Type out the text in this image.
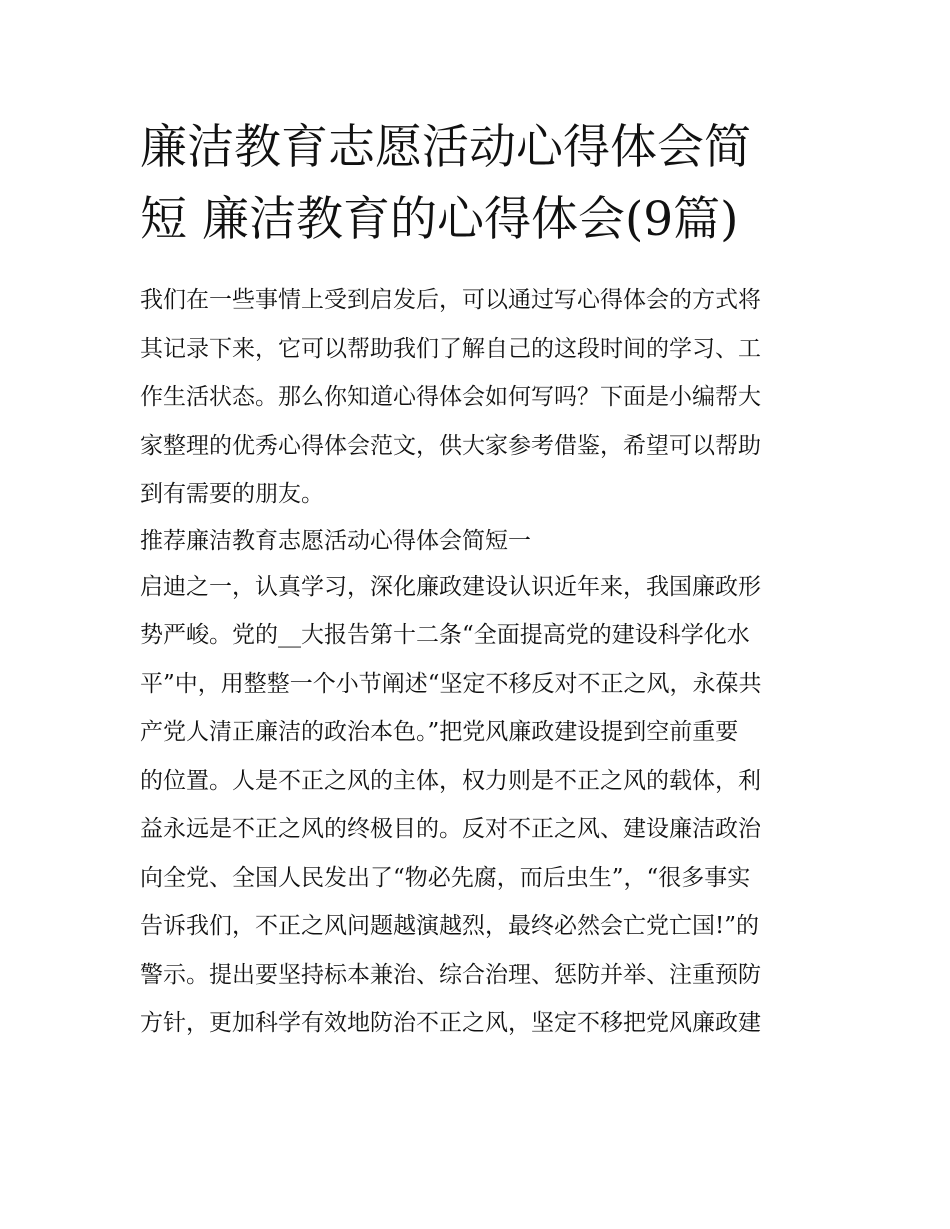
廉洁教育志愿活动心得体会简
短 廉洁教育的心得体会(9篇)

我们在一些事情上受到启发后，可以通过写心得体会的方式将
其记录下来，它可以帮助我们了解自己的这段时间的学习、工
作生活状态。那么你知道心得体会如何写吗？下面是小编帮大
家整理的优秀心得体会范文，供大家参考借鉴，希望可以帮助
到有需要的朋友。

推荐廉洁教育志愿活动心得体会简短一

启迪之一，认真学习，深化廉政建设认识近年来，我国廉政形
势严峻。党的__大报告第十二条“全面提高党的建设科学化水
平”中，用整整一个小节阐述“坚定不移反对不正之风，永葆共
产党人清正廉洁的政治本色。”把党风廉政建设提到空前重要
的位置。人是不正之风的主体，权力则是不正之风的载体，利
益永远是不正之风的终极目的。反对不正之风、建设廉洁政治
向全党、全国人民发出了“物必先腐，而后虫生”，“很多事实
告诉我们，不正之风问题越演越烈，最终必然会亡党亡国!”的
警示。提出要坚持标本兼治、综合治理、惩防并举、注重预防
方针，更加科学有效地防治不正之风，坚定不移把党风廉政建
